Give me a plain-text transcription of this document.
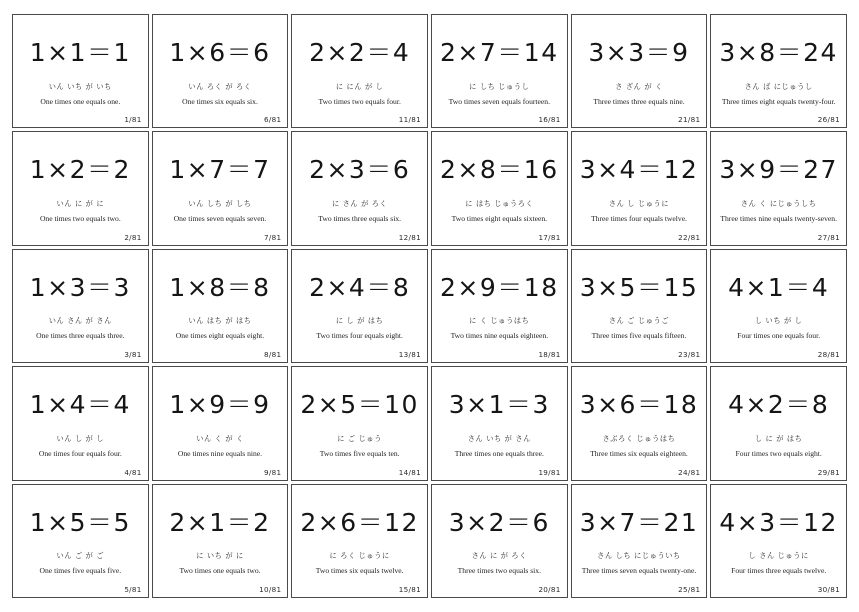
1×1＝1
いん いち が いち
One times one equals one.
1/81
1×6＝6
いん ろく が ろく
One times six equals six.
6/81
2×2＝4
に にん が し
Two times two equals four.
11/81
2×7＝14
に しち じゅうし
Two times seven equals fourteen.
16/81
3×3＝9
さ ざん が く
Three times three equals nine.
21/81
3×8＝24
さん ば にじゅうし
Three times eight equals twenty-four.
26/81
1×2＝2
いん に が に
One times two equals two.
2/81
1×7＝7
いん しち が しち
One times seven equals seven.
7/81
2×3＝6
に さん が ろく
Two times three equals six.
12/81
2×8＝16
に はち じゅうろく
Two times eight equals sixteen.
17/81
3×4＝12
さん し じゅうに
Three times four equals twelve.
22/81
3×9＝27
さん く にじゅうしち
Three times nine equals twenty-seven.
27/81
1×3＝3
いん さん が さん
One times three equals three.
3/81
1×8＝8
いん はち が はち
One times eight equals eight.
8/81
2×4＝8
に し が はち
Two times four equals eight.
13/81
2×9＝18
に く じゅうはち
Two times nine equals eighteen.
18/81
3×5＝15
さん ご じゅうご
Three times five equals fifteen.
23/81
4×1＝4
し いち が し
Four times one equals four.
28/81
1×4＝4
いん し が し
One times four equals four.
4/81
1×9＝9
いん く が く
One times nine equals nine.
9/81
2×5＝10
に ご じゅう
Two times five equals ten.
14/81
3×1＝3
さん いち が さん
Three times one equals three.
19/81
3×6＝18
さぶろく じゅうはち
Three times six equals eighteen.
24/81
4×2＝8
し に が はち
Four times two equals eight.
29/81
1×5＝5
いん ご が ご
One times five equals five.
5/81
2×1＝2
に いち が に
Two times one equals two.
10/81
2×6＝12
に ろく じゅうに
Two times six equals twelve.
15/81
3×2＝6
さん に が ろく
Three times two equals six.
20/81
3×7＝21
さん しち にじゅういち
Three times seven equals twenty-one.
25/81
4×3＝12
し さん じゅうに
Four times three equals twelve.
30/81
